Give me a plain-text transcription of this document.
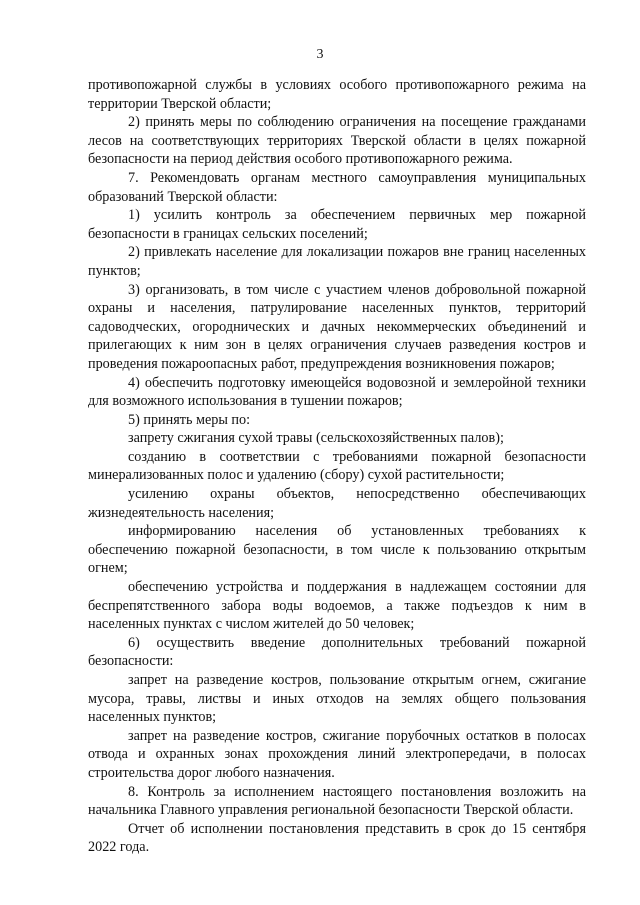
3

противопожарной службы в условиях особого противопожарного режима на территории Тверской области;

2) принять меры по соблюдению ограничения на посещение гражданами лесов на соответствующих территориях Тверской области в целях пожарной безопасности на период действия особого противопожарного режима.

7. Рекомендовать органам местного самоуправления муниципальных образований Тверской области:

1) усилить контроль за обеспечением первичных мер пожарной безопасности в границах сельских поселений;

2) привлекать население для локализации пожаров вне границ населенных пунктов;

3) организовать, в том числе с участием членов добровольной пожарной охраны и населения, патрулирование населенных пунктов, территорий садоводческих, огороднических и дачных некоммерческих объединений и прилегающих к ним зон в целях ограничения случаев разведения костров и проведения пожароопасных работ, предупреждения возникновения пожаров;

4) обеспечить подготовку имеющейся водовозной и землеройной техники для возможного использования в тушении пожаров;

5) принять меры по:

запрету сжигания сухой травы (сельскохозяйственных палов);

созданию в соответствии с требованиями пожарной безопасности минерализованных полос и удалению (сбору) сухой растительности;

усилению охраны объектов, непосредственно обеспечивающих жизнедеятельность населения;

информированию населения об установленных требованиях к обеспечению пожарной безопасности, в том числе к пользованию открытым огнем;

обеспечению устройства и поддержания в надлежащем состоянии для беспрепятственного забора воды водоемов, а также подъездов к ним в населенных пунктах с числом жителей до 50 человек;

6) осуществить введение дополнительных требований пожарной безопасности:

запрет на разведение костров, пользование открытым огнем, сжигание мусора, травы, листвы и иных отходов на землях общего пользования населенных пунктов;

запрет на разведение костров, сжигание порубочных остатков в полосах отвода и охранных зонах прохождения линий электропередачи, в полосах строительства дорог любого назначения.

8. Контроль за исполнением настоящего постановления возложить на начальника Главного управления региональной безопасности Тверской области.

Отчет об исполнении постановления представить в срок до 15 сентября 2022 года.
